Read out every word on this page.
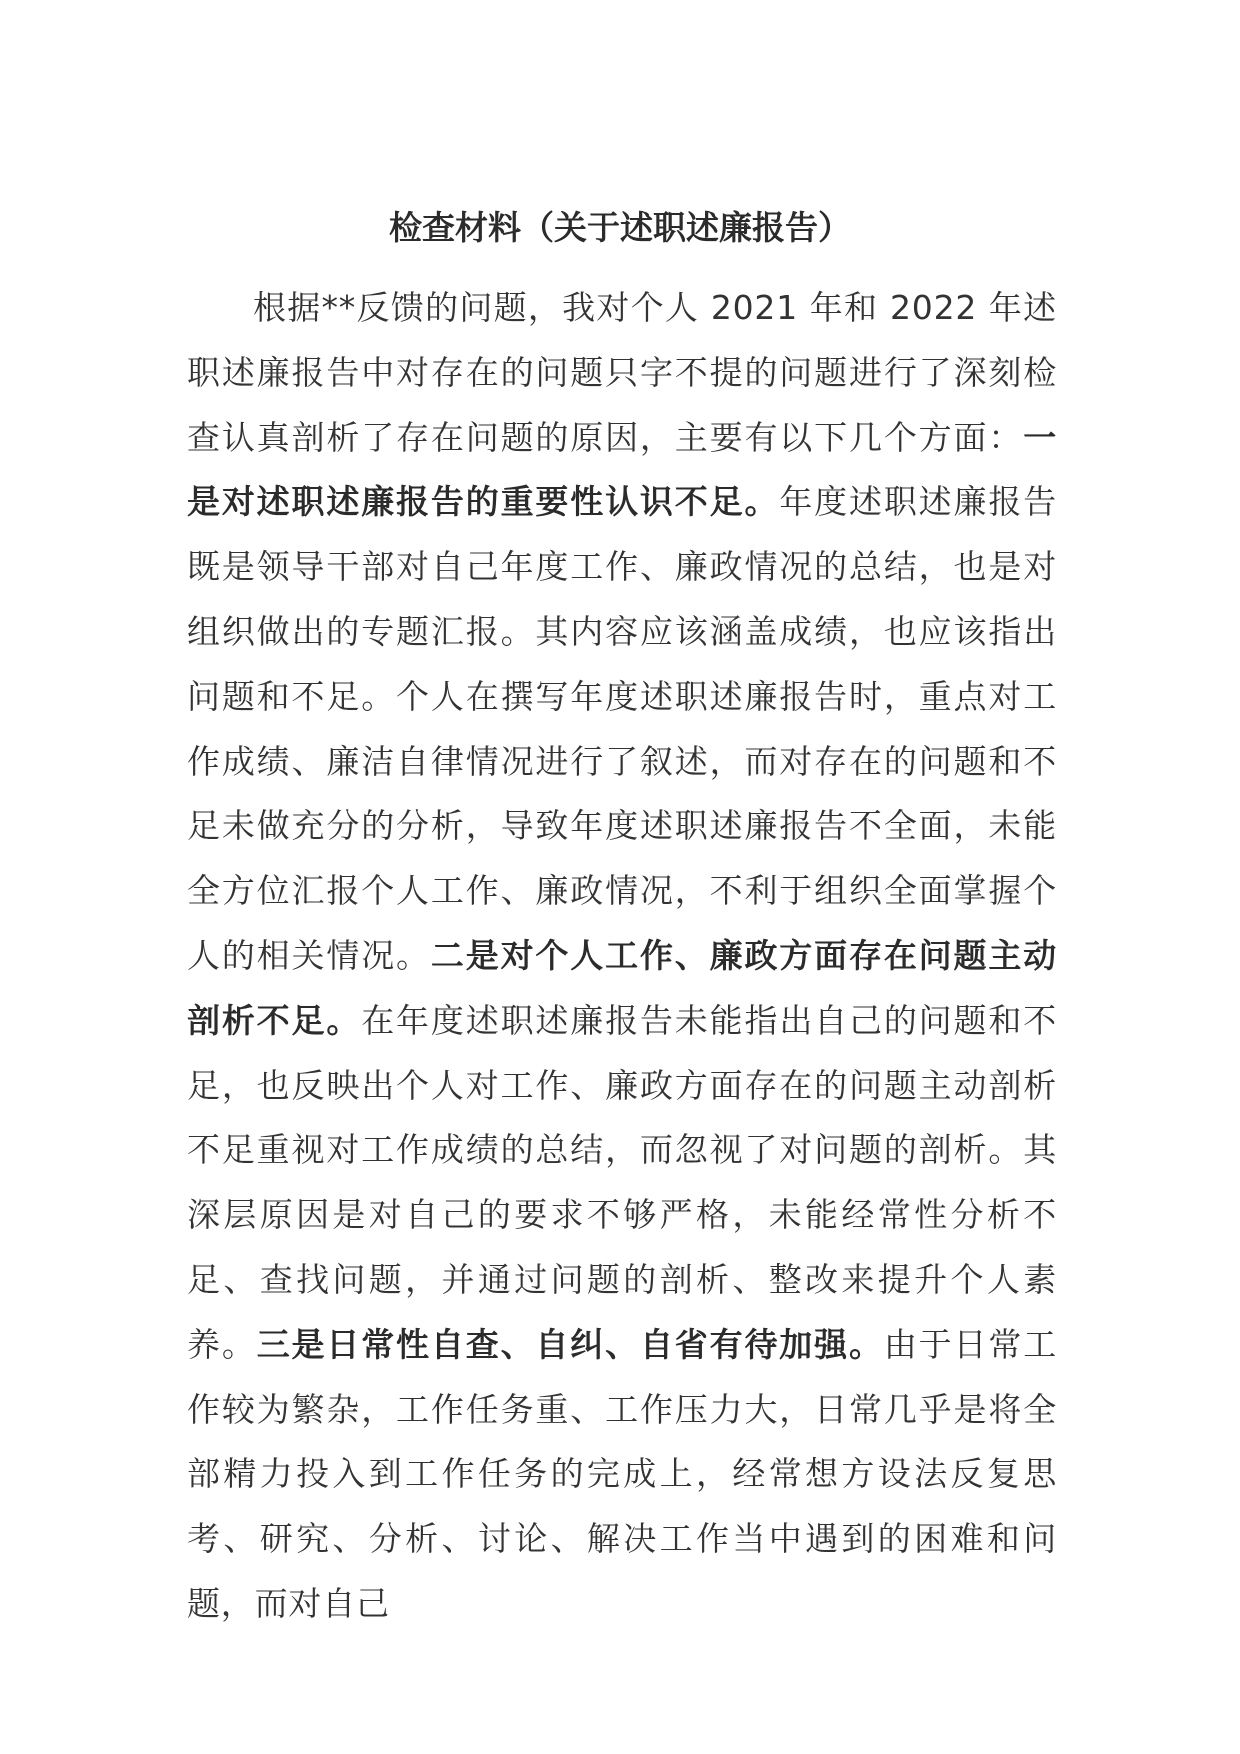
检查材料（关于述职述廉报告）

根据**反馈的问题，我对个人 2021 年和 2022 年述职述廉报告中对存在的问题只字不提的问题进行了深刻检查认真剖析了存在问题的原因，主要有以下几个方面：一是对述职述廉报告的重要性认识不足。年度述职述廉报告既是领导干部对自己年度工作、廉政情况的总结，也是对组织做出的专题汇报。其内容应该涵盖成绩，也应该指出问题和不足。个人在撰写年度述职述廉报告时，重点对工作成绩、廉洁自律情况进行了叙述，而对存在的问题和不足未做充分的分析，导致年度述职述廉报告不全面，未能全方位汇报个人工作、廉政情况，不利于组织全面掌握个人的相关情况。二是对个人工作、廉政方面存在问题主动剖析不足。在年度述职述廉报告未能指出自己的问题和不足，也反映出个人对工作、廉政方面存在的问题主动剖析不足重视对工作成绩的总结，而忽视了对问题的剖析。其深层原因是对自己的要求不够严格，未能经常性分析不足、查找问题，并通过问题的剖析、整改来提升个人素养。三是日常性自查、自纠、自省有待加强。由于日常工作较为繁杂，工作任务重、工作压力大，日常几乎是将全部精力投入到工作任务的完成上，经常想方设法反复思考、研究、分析、讨论、解决工作当中遇到的困难和问题，而对自己
